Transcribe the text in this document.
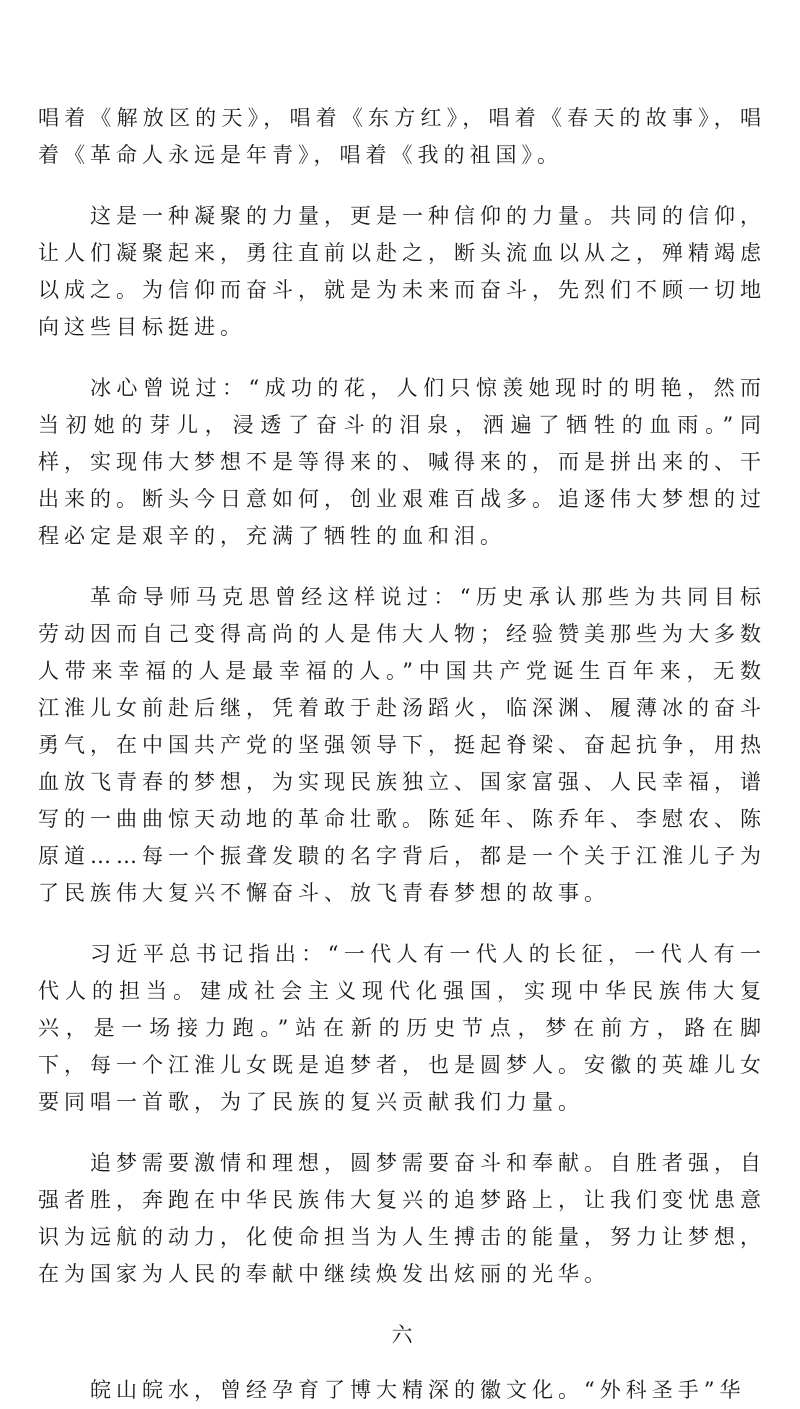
唱着《解放区的天》，唱着《东方红》，唱着《春天的故事》，唱着《革命人永远是年青》，唱着《我的祖国》。

这是一种凝聚的力量，更是一种信仰的力量。共同的信仰，让人们凝聚起来，勇往直前以赴之，断头流血以从之，殚精竭虑以成之。为信仰而奋斗，就是为未来而奋斗，先烈们不顾一切地向这些目标挺进。

冰心曾说过：“成功的花，人们只惊羡她现时的明艳，然而当初她的芽儿，浸透了奋斗的泪泉，洒遍了牺牲的血雨。”同样，实现伟大梦想不是等得来的、喊得来的，而是拼出来的、干出来的。断头今日意如何，创业艰难百战多。追逐伟大梦想的过程必定是艰辛的，充满了牺牲的血和泪。

革命导师马克思曾经这样说过：“历史承认那些为共同目标劳动因而自己变得高尚的人是伟大人物；经验赞美那些为大多数人带来幸福的人是最幸福的人。”中国共产党诞生百年来，无数江淮儿女前赴后继，凭着敢于赴汤蹈火，临深渊、履薄冰的奋斗勇气，在中国共产党的坚强领导下，挺起脊梁、奋起抗争，用热血放飞青春的梦想，为实现民族独立、国家富强、人民幸福，谱写的一曲曲惊天动地的革命壮歌。陈延年、陈乔年、李慰农、陈原道……每一个振聋发聩的名字背后，都是一个关于江淮儿子为了民族伟大复兴不懈奋斗、放飞青春梦想的故事。

习近平总书记指出：“一代人有一代人的长征，一代人有一代人的担当。建成社会主义现代化强国，实现中华民族伟大复兴，是一场接力跑。”站在新的历史节点，梦在前方，路在脚下，每一个江淮儿女既是追梦者，也是圆梦人。安徽的英雄儿女要同唱一首歌，为了民族的复兴贡献我们力量。

追梦需要激情和理想，圆梦需要奋斗和奉献。自胜者强，自强者胜，奔跑在中华民族伟大复兴的追梦路上，让我们变忧患意识为远航的动力，化使命担当为人生搏击的能量，努力让梦想，在为国家为人民的奉献中继续焕发出炫丽的光华。

六

皖山皖水，曾经孕育了博大精深的徽文化。“外科圣手”华
